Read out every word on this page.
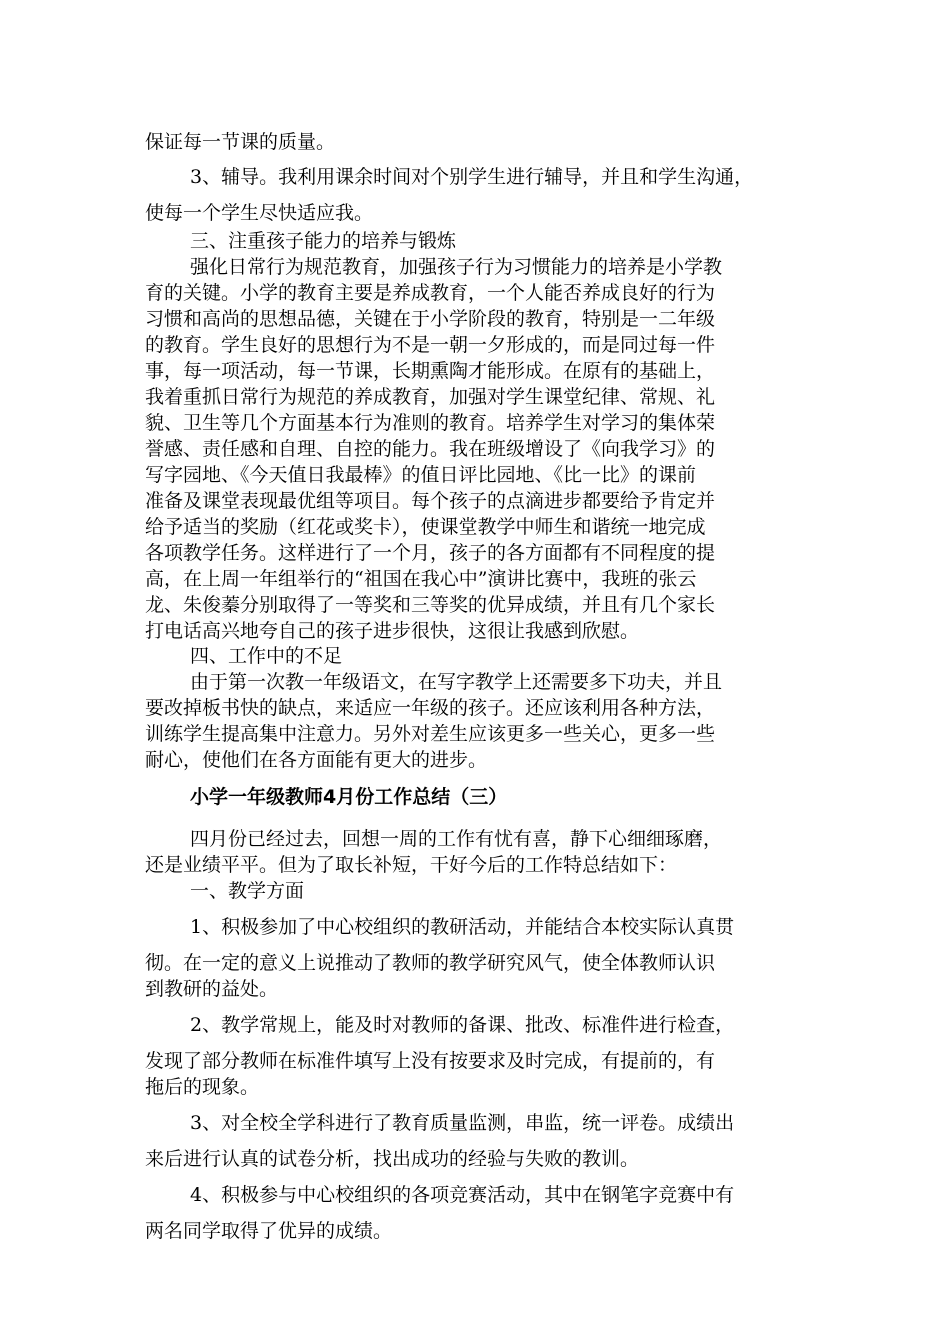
保证每一节课的质量。
3、辅导。我利用课余时间对个别学生进行辅导，并且和学生沟通，
使每一个学生尽快适应我。
三、注重孩子能力的培养与锻炼
强化日常行为规范教育，加强孩子行为习惯能力的培养是小学教
育的关键。小学的教育主要是养成教育，一个人能否养成良好的行为
习惯和高尚的思想品德，关键在于小学阶段的教育，特别是一二年级
的教育。学生良好的思想行为不是一朝一夕形成的，而是同过每一件
事，每一项活动，每一节课，长期熏陶才能形成。在原有的基础上，
我着重抓日常行为规范的养成教育，加强对学生课堂纪律、常规、礼
貌、卫生等几个方面基本行为准则的教育。培养学生对学习的集体荣
誉感、责任感和自理、自控的能力。我在班级增设了《向我学习》的
写字园地、《今天值日我最棒》的值日评比园地、《比一比》的课前
准备及课堂表现最优组等项目。每个孩子的点滴进步都要给予肯定并
给予适当的奖励（红花或奖卡），使课堂教学中师生和谐统一地完成
各项教学任务。这样进行了一个月，孩子的各方面都有不同程度的提
高，在上周一年组举行的“祖国在我心中”演讲比赛中，我班的张云
龙、朱俊蓁分别取得了一等奖和三等奖的优异成绩，并且有几个家长
打电话高兴地夸自己的孩子进步很快，这很让我感到欣慰。
四、工作中的不足
由于第一次教一年级语文，在写字教学上还需要多下功夫，并且
要改掉板书快的缺点，来适应一年级的孩子。还应该利用各种方法，
训练学生提高集中注意力。另外对差生应该更多一些关心，更多一些
耐心，使他们在各方面能有更大的进步。
小学一年级教师4月份工作总结（三）
四月份已经过去，回想一周的工作有忧有喜，静下心细细琢磨，
还是业绩平平。但为了取长补短，干好今后的工作特总结如下：
一、教学方面
1、积极参加了中心校组织的教研活动，并能结合本校实际认真贯
彻。在一定的意义上说推动了教师的教学研究风气，使全体教师认识
到教研的益处。
2、教学常规上，能及时对教师的备课、批改、标准件进行检查，
发现了部分教师在标准件填写上没有按要求及时完成，有提前的，有
拖后的现象。
3、对全校全学科进行了教育质量监测，串监，统一评卷。成绩出
来后进行认真的试卷分析，找出成功的经验与失败的教训。
4、积极参与中心校组织的各项竞赛活动，其中在钢笔字竞赛中有
两名同学取得了优异的成绩。
